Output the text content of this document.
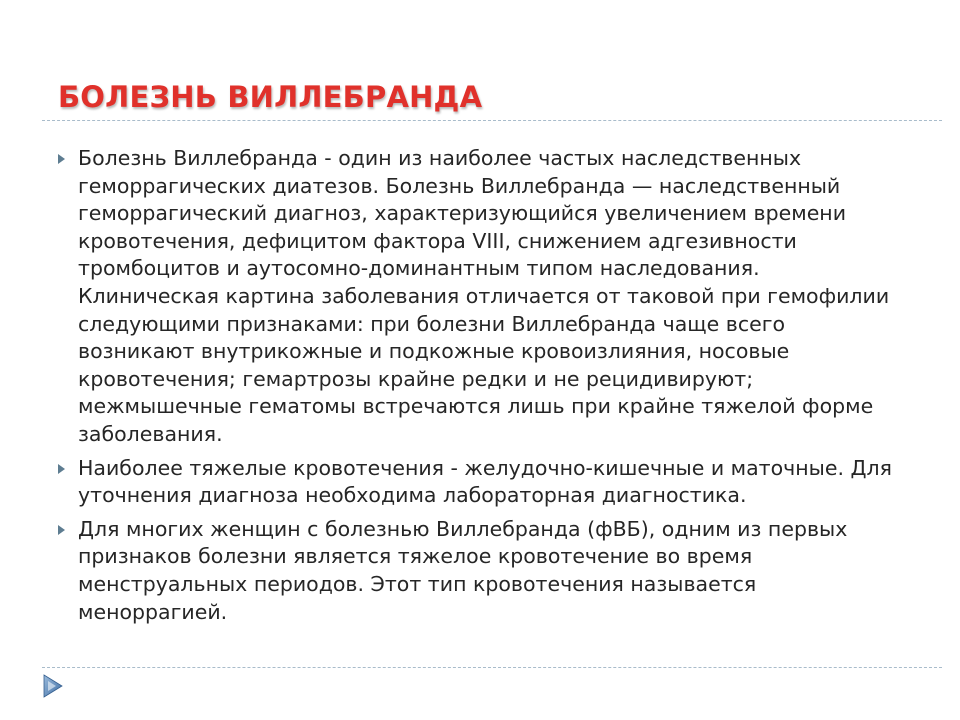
БОЛЕЗНЬ ВИЛЛЕБРАНДА
Болезнь Виллебранда - один из наиболее частых наследственных геморрагических диатезов. Болезнь Виллебранда — наследственный геморрагический диагноз, характеризующийся увеличением времени кровотечения, дефицитом фактора VIII, снижением адгезивности тромбоцитов и аутосомно-доминантным типом наследования. Клиническая картина заболевания отличается от таковой при гемофилии следующими признаками: при болезни Виллебранда чаще всего возникают внутрикожные и подкожные кровоизлияния, носовые кровотечения; гемартрозы крайне редки и не рецидивируют; межмышечные гематомы встречаются лишь при крайне тяжелой форме заболевания.
Наиболее тяжелые кровотечения - желудочно-кишечные и маточные. Для уточнения диагноза необходима лабораторная диагностика.
Для многих женщин с болезнью Виллебранда (фВБ), одним из первых признаков болезни является тяжелое кровотечение во время менструальных периодов. Этот тип кровотечения называется меноррагией.
